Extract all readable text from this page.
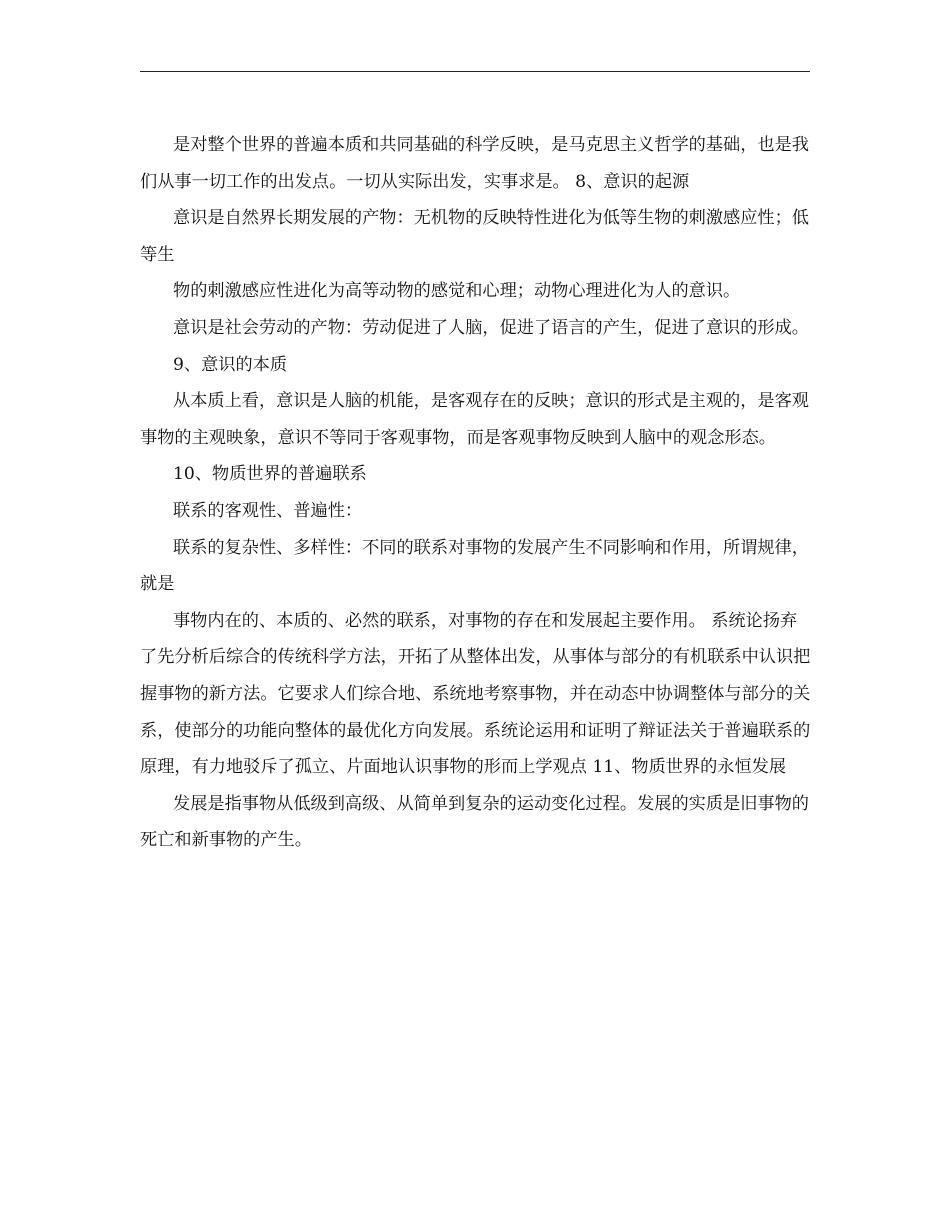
是对整个世界的普遍本质和共同基础的科学反映，是马克思主义哲学的基础，也是我们从事一切工作的出发点。一切从实际出发，实事求是。 8、意识的起源

意识是自然界长期发展的产物：无机物的反映特性进化为低等生物的刺激感应性；低等生

物的刺激感应性进化为高等动物的感觉和心理；动物心理进化为人的意识。

意识是社会劳动的产物：劳动促进了人脑，促进了语言的产生，促进了意识的形成。

9、意识的本质

从本质上看，意识是人脑的机能，是客观存在的反映；意识的形式是主观的，是客观事物的主观映象，意识不等同于客观事物，而是客观事物反映到人脑中的观念形态。

10、物质世界的普遍联系

联系的客观性、普遍性：

联系的复杂性、多样性：不同的联系对事物的发展产生不同影响和作用，所谓规律，就是

事物内在的、本质的、必然的联系，对事物的存在和发展起主要作用。 系统论扬弃了先分析后综合的传统科学方法，开拓了从整体出发，从事体与部分的有机联系中认识把握事物的新方法。它要求人们综合地、系统地考察事物，并在动态中协调整体与部分的关系，使部分的功能向整体的最优化方向发展。系统论运用和证明了辩证法关于普遍联系的原理，有力地驳斥了孤立、片面地认识事物的形而上学观点 11、物质世界的永恒发展

发展是指事物从低级到高级、从简单到复杂的运动变化过程。发展的实质是旧事物的死亡和新事物的产生。
